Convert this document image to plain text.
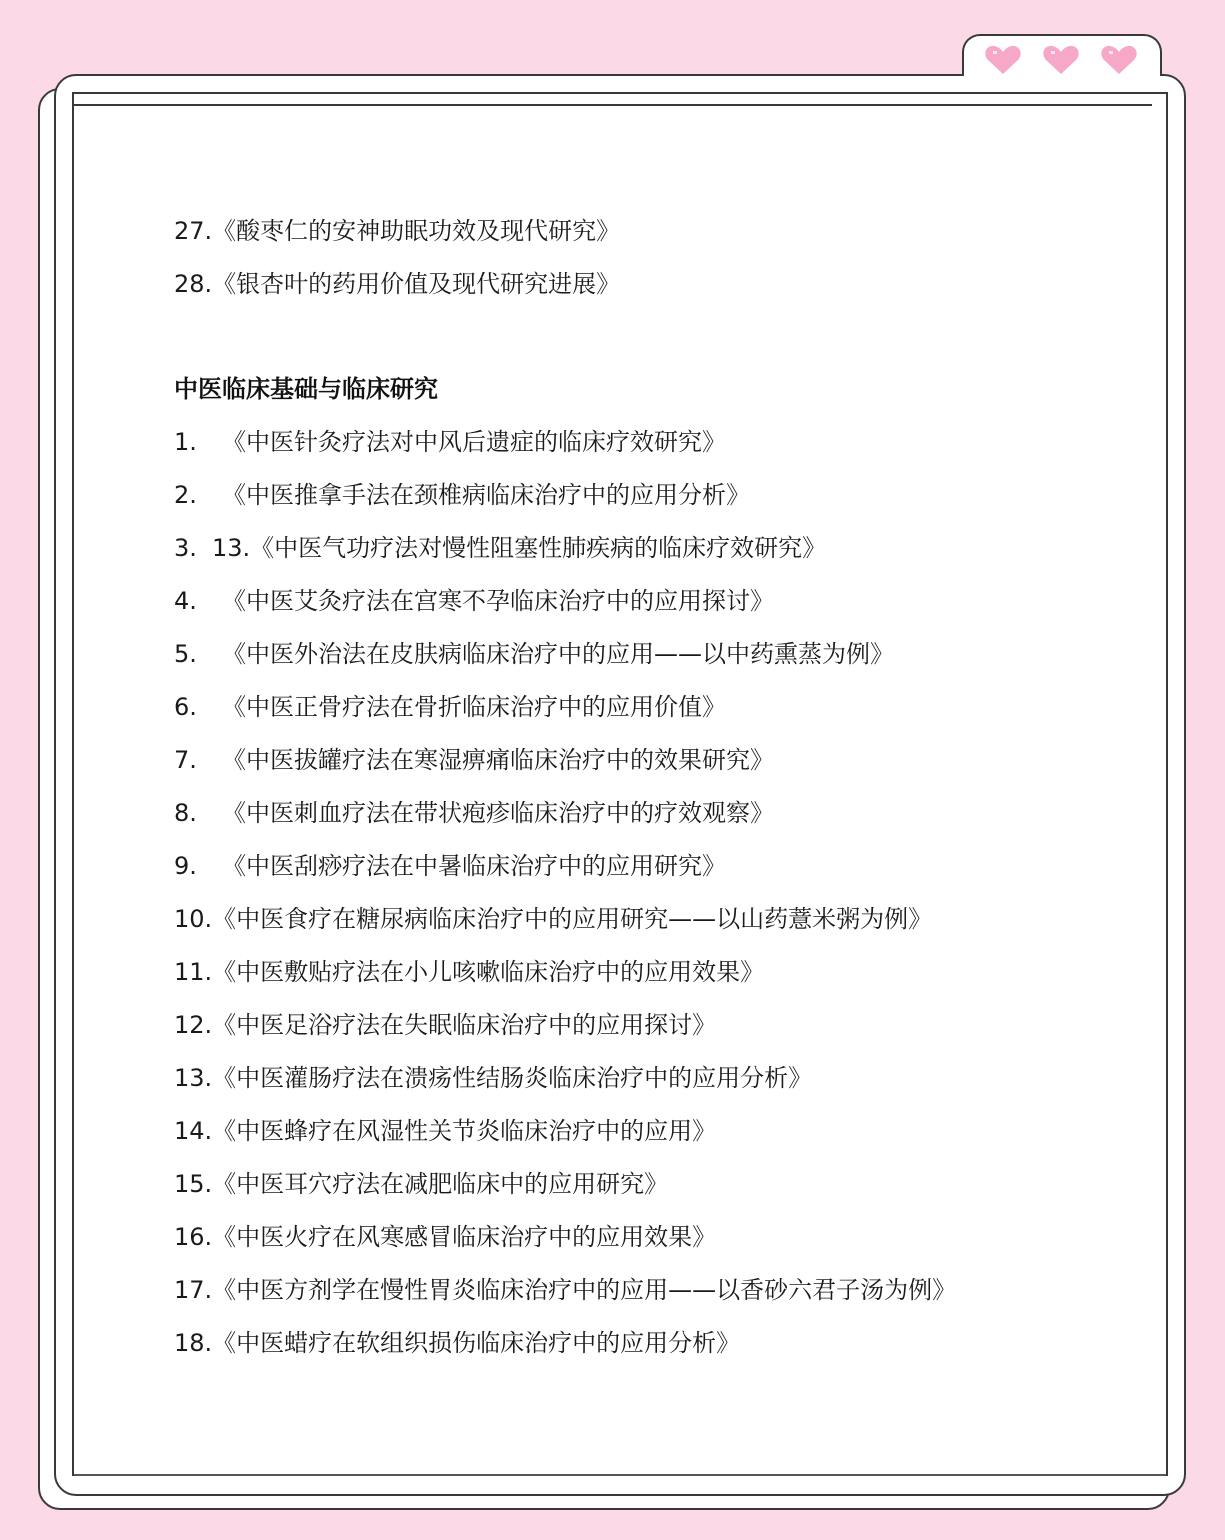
27.《酸枣仁的安神助眠功效及现代研究》
28.《银杏叶的药用价值及现代研究进展》
中医临床基础与临床研究
1. 《中医针灸疗法对中风后遗症的临床疗效研究》
2. 《中医推拿手法在颈椎病临床治疗中的应用分析》
3. 13.《中医气功疗法对慢性阻塞性肺疾病的临床疗效研究》
4. 《中医艾灸疗法在宫寒不孕临床治疗中的应用探讨》
5. 《中医外治法在皮肤病临床治疗中的应用——以中药熏蒸为例》
6. 《中医正骨疗法在骨折临床治疗中的应用价值》
7. 《中医拔罐疗法在寒湿痹痛临床治疗中的效果研究》
8. 《中医刺血疗法在带状疱疹临床治疗中的疗效观察》
9. 《中医刮痧疗法在中暑临床治疗中的应用研究》
10.《中医食疗在糖尿病临床治疗中的应用研究——以山药薏米粥为例》
11.《中医敷贴疗法在小儿咳嗽临床治疗中的应用效果》
12.《中医足浴疗法在失眠临床治疗中的应用探讨》
13.《中医灌肠疗法在溃疡性结肠炎临床治疗中的应用分析》
14.《中医蜂疗在风湿性关节炎临床治疗中的应用》
15.《中医耳穴疗法在减肥临床中的应用研究》
16.《中医火疗在风寒感冒临床治疗中的应用效果》
17.《中医方剂学在慢性胃炎临床治疗中的应用——以香砂六君子汤为例》
18.《中医蜡疗在软组织损伤临床治疗中的应用分析》
